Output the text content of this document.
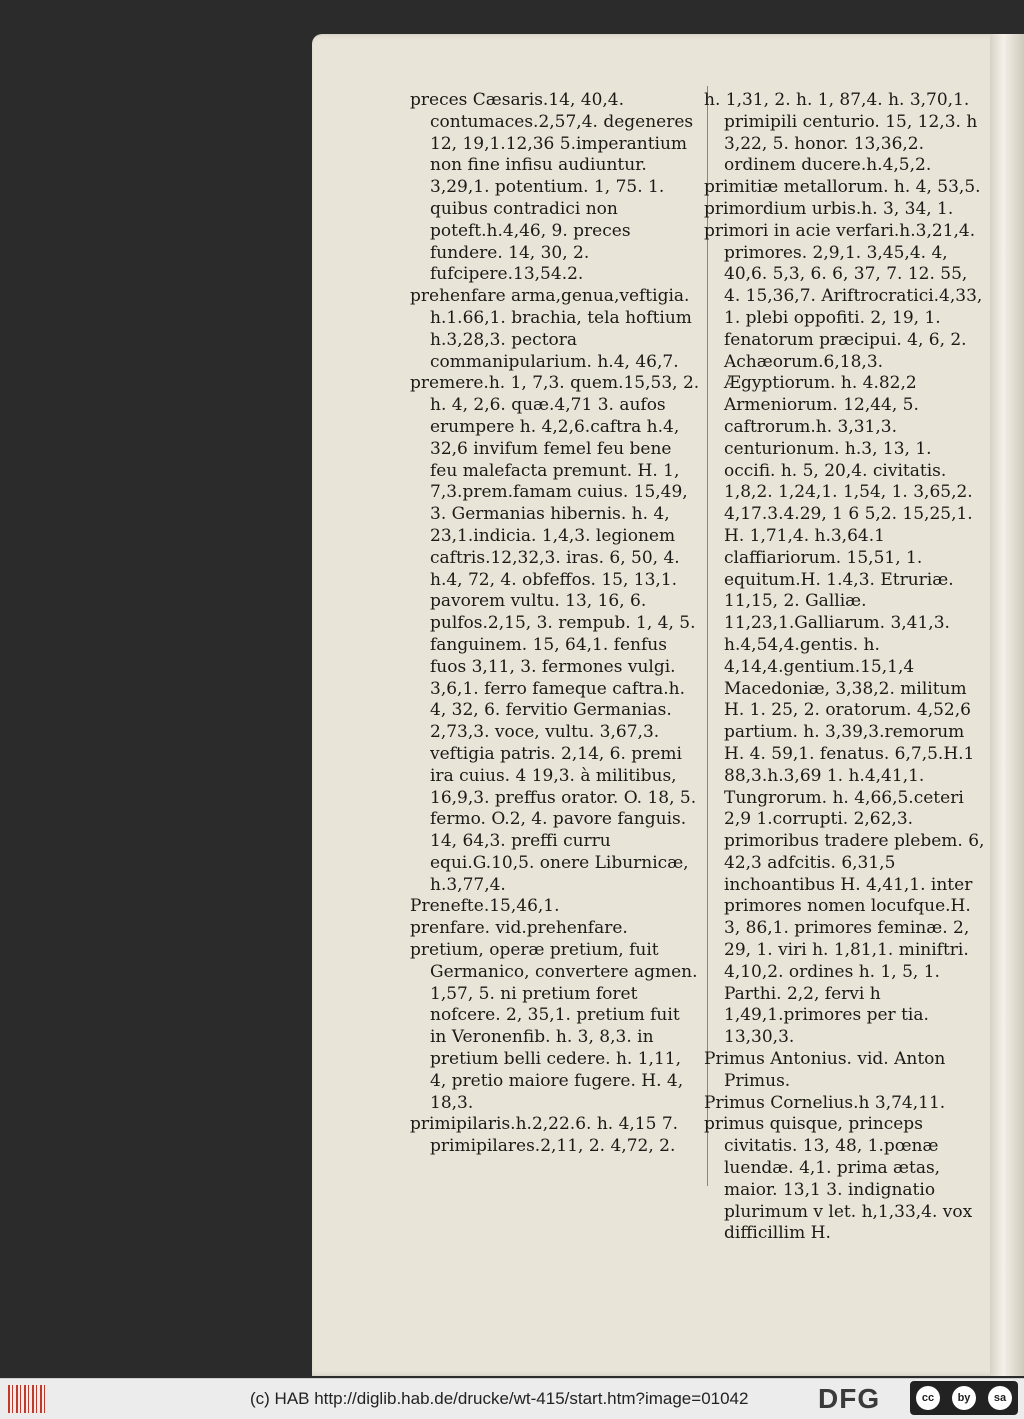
preces Cæsaris.14, 40,4. contumaces.2,57,4. degeneres 12, 19,1.12,36 5.imperantium non fine infisu audiuntur. 3,29,1. potentium. 1, 75. 1. quibus contradici non poteft.h.4,46, 9. preces fundere. 14, 30, 2. fufcipere.13,54.2.

prehenfare arma,genua,veftigia. h.1.66,1. brachia, tela hoftium h.3,28,3. pectora commanipularium. h.4, 46,7.

premere.h. 1, 7,3. quem.15,53, 2. h. 4, 2,6. quæ.4,71 3. aufos erumpere h. 4,2,6.caftra h.4, 32,6 invifum femel feu bene feu malefacta premunt. H. 1, 7,3.prem.famam cuius. 15,49, 3. Germanias hibernis. h. 4, 23,1.indicia. 1,4,3. legionem caftris.12,32,3. iras. 6, 50, 4. h.4, 72, 4. obfeffos. 15, 13,1. pavorem vultu. 13, 16, 6. pulfos.2,15, 3. rempub. 1, 4, 5. fanguinem. 15, 64,1. fenfus fuos 3,11, 3. fermones vulgi. 3,6,1. ferro fameque caftra.h. 4, 32, 6. fervitio Germanias. 2,73,3. voce, vultu. 3,67,3. veftigia patris. 2,14, 6. premi ira cuius. 4 19,3. à militibus, 16,9,3. preffus orator. O. 18, 5. fermo. O.2, 4. pavore fanguis. 14, 64,3. preffi curru equi.G.10,5. onere Liburnicæ, h.3,77,4.

Prenefte.15,46,1.

prenfare. vid.prehenfare.

pretium, operæ pretium, fuit Germanico, convertere agmen. 1,57, 5. ni pretium foret nofcere. 2, 35,1. pretium fuit in Veronenfib. h. 3, 8,3. in pretium belli cedere. h. 1,11, 4, pretio maiore fugere. H. 4, 18,3.

primipilaris.h.2,22.6. h. 4,15 7. primipilares.2,11, 2. 4,72, 2.

h. 1,31, 2. h. 1, 87,4. h. 3,70,1. primipili centurio. 15, 12,3. h 3,22, 5. honor. 13,36,2. ordinem ducere.h.4,5,2.

primitiæ metallorum. h. 4, 53,5.

primordium urbis.h. 3, 34, 1.

primori in acie verfari.h.3,21,4. primores. 2,9,1. 3,45,4. 4, 40,6. 5,3, 6. 6, 37, 7. 12. 55, 4. 15,36,7. Ariftrocratici.4,33, 1. plebi oppofiti. 2, 19, 1. fenatorum præcipui. 4, 6, 2. Achæorum.6,18,3. Ægyptiorum. h. 4.82,2 Armeniorum. 12,44, 5. caftrorum.h. 3,31,3. centurionum. h.3, 13, 1. occifi. h. 5, 20,4. civitatis. 1,8,2. 1,24,1. 1,54, 1. 3,65,2. 4,17.3.4.29, 1 6 5,2. 15,25,1. H. 1,71,4. h.3,64.1 claffiariorum. 15,51, 1. equitum.H. 1.4,3. Etruriæ. 11,15, 2. Galliæ. 11,23,1.Galliarum. 3,41,3. h.4,54,4.gentis. h. 4,14,4.gentium.15,1,4 Macedoniæ, 3,38,2. militum H. 1. 25, 2. oratorum. 4,52,6 partium. h. 3,39,3.remorum H. 4. 59,1. fenatus. 6,7,5.H.1 88,3.h.3,69 1. h.4,41,1. Tungrorum. h. 4,66,5.ceteri 2,9 1.corrupti. 2,62,3. primoribus tradere plebem. 6, 42,3 adfcitis. 6,31,5 inchoantibus H. 4,41,1. inter primores nomen locufque.H. 3, 86,1. primores feminæ. 2, 29, 1. viri h. 1,81,1. miniftri. 4,10,2. ordines h. 1, 5, 1. Parthi. 2,2, fervi h 1,49,1.primores per tia. 13,30,3.

Primus Antonius. vid. Anton Primus.

Primus Cornelius.h 3,74,11.

primus quisque, princeps civitatis. 13, 48, 1.pœnæ luendæ. 4,1. prima ætas, maior. 13,1 3. indignatio plurimum v let. h,1,33,4. vox difficillim H.

(c) HAB http://diglib.hab.de/drucke/wt-415/start.htm?image=01042 DFG	cc	by	sa
